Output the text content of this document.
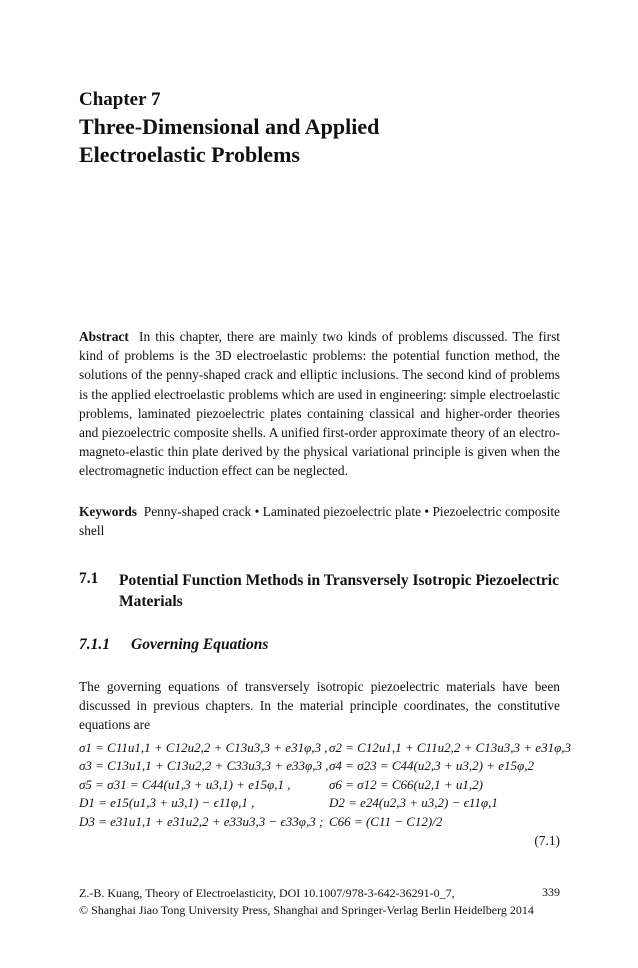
Chapter 7
Three-Dimensional and Applied
Electroelastic Problems
Abstract In this chapter, there are mainly two kinds of problems discussed. The first kind of problems is the 3D electroelastic problems: the potential function method, the solutions of the penny-shaped crack and elliptic inclusions. The second kind of problems is the applied electroelastic problems which are used in engineering: simple electroelastic problems, laminated piezoelectric plates containing classical and higher-order theories and piezoelectric composite shells. A unified first-order approximate theory of an electro-magneto-elastic thin plate derived by the physical variational principle is given when the electromagnetic induction effect can be neglected.
Keywords Penny-shaped crack • Laminated piezoelectric plate • Piezoelectric composite shell
7.1 Potential Function Methods in Transversely Isotropic Piezoelectric Materials
7.1.1 Governing Equations
The governing equations of transversely isotropic piezoelectric materials have been discussed in previous chapters. In the material principle coordinates, the constitutive equations are
σ1 = C11u1,1 + C12u2,2 + C13u3,3 + e31φ,3 , σ2 = C12u1,1 + C11u2,2 + C13u3,3 + e31φ,3
σ3 = C13u1,1 + C13u2,2 + C33u3,3 + e33φ,3 , σ4 = σ23 = C44(u2,3 + u3,2) + e15φ,2
σ5 = σ31 = C44(u1,3 + u3,1) + e15φ,1 ,	σ6 = σ12 = C66(u2,1 + u1,2)
D1 = e15(u1,3 + u3,1) − ϵ11φ,1 ,	D2 = e24(u2,3 + u3,2) − ϵ11φ,1
D3 = e31u1,1 + e31u2,2 + e33u3,3 − ϵ33φ,3 ; C66 = (C11 − C12)/2
(7.1)
Z.-B. Kuang, Theory of Electroelasticity, DOI 10.1007/978-3-642-36291-0_7,
© Shanghai Jiao Tong University Press, Shanghai and Springer-Verlag Berlin Heidelberg 2014
339
